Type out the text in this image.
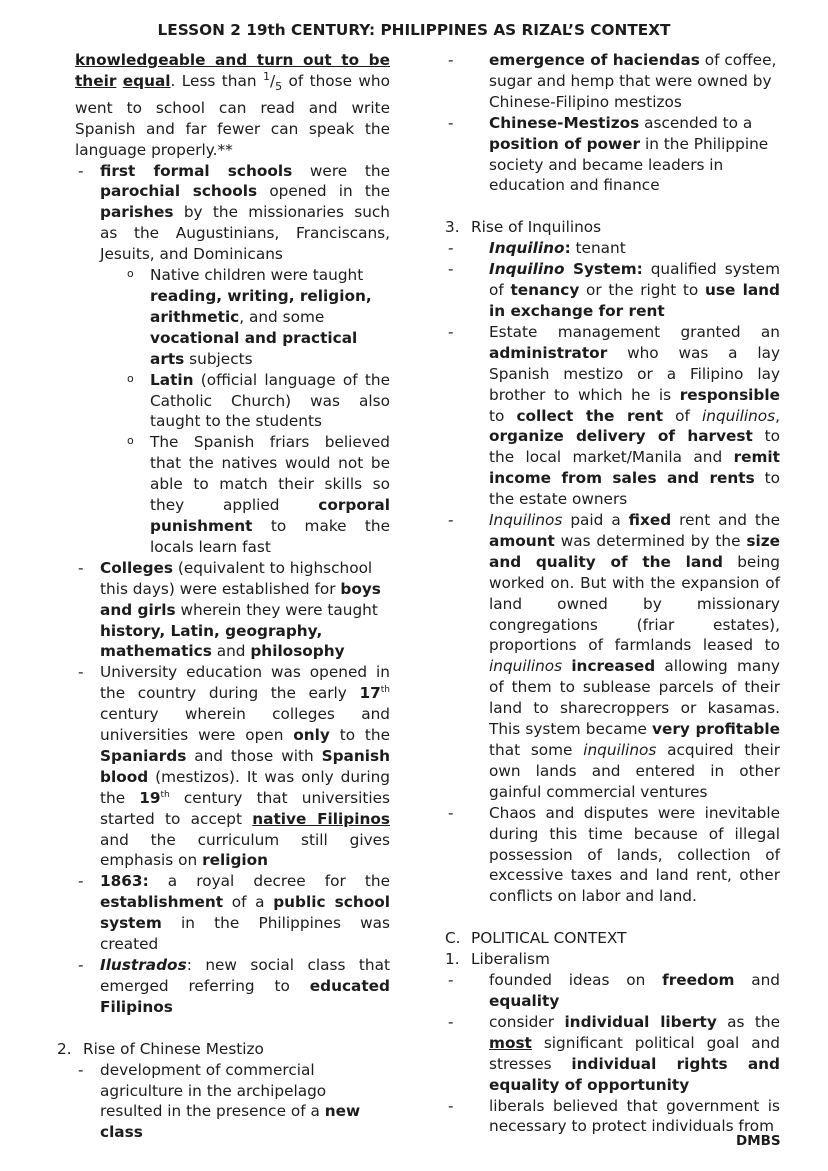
LESSON 2 19th CENTURY: PHILIPPINES AS RIZAL’S CONTEXT

knowledgeable and turn out to be their equal. Less than $^1/_5$ of those who went to school can read and write Spanish and far fewer can speak the language properly.**

- first formal schools were the parochial schools opened in the parishes by the missionaries such as the Augustinians, Franciscans, Jesuits, and Dominicans

o Native children were taught reading, writing, religion, arithmetic, and some vocational and practical arts subjects

o Latin (official language of the Catholic Church) was also taught to the students

o The Spanish friars believed that the natives would not be able to match their skills so they applied corporal punishment to make the locals learn fast

- Colleges (equivalent to highschool this days) were established for boys and girls wherein they were taught history, Latin, geography, mathematics and philosophy

- University education was opened in the country during the early 17th century wherein colleges and universities were open only to the Spaniards and those with Spanish blood (mestizos). It was only during the 19th century that universities started to accept native Filipinos and the curriculum still gives emphasis on religion

- 1863: a royal decree for the establishment of a public school system in the Philippines was created

- Ilustrados: new social class that emerged referring to educated Filipinos

2. Rise of Chinese Mestizo

- development of commercial agriculture in the archipelago resulted in the presence of a new class

- emergence of haciendas of coffee, sugar and hemp that were owned by Chinese-Filipino mestizos

- Chinese-Mestizos ascended to a position of power in the Philippine society and became leaders in education and finance

3. Rise of Inquilinos

- Inquilino: tenant

- Inquilino System: qualified system of tenancy or the right to use land in exchange for rent

- Estate management granted an administrator who was a lay Spanish mestizo or a Filipino lay brother to which he is responsible to collect the rent of inquilinos, organize delivery of harvest to the local market/Manila and remit income from sales and rents to the estate owners

- Inquilinos paid a fixed rent and the amount was determined by the size and quality of the land being worked on. But with the expansion of land owned by missionary congregations (friar estates), proportions of farmlands leased to inquilinos increased allowing many of them to sublease parcels of their land to sharecroppers or kasamas. This system became very profitable that some inquilinos acquired their own lands and entered in other gainful commercial ventures

- Chaos and disputes were inevitable during this time because of illegal possession of lands, collection of excessive taxes and land rent, other conflicts on labor and land.

C. POLITICAL CONTEXT

1. Liberalism

- founded ideas on freedom and equality

- consider individual liberty as the most significant political goal and stresses individual rights and equality of opportunity

- liberals believed that government is necessary to protect individuals from

DMBS
